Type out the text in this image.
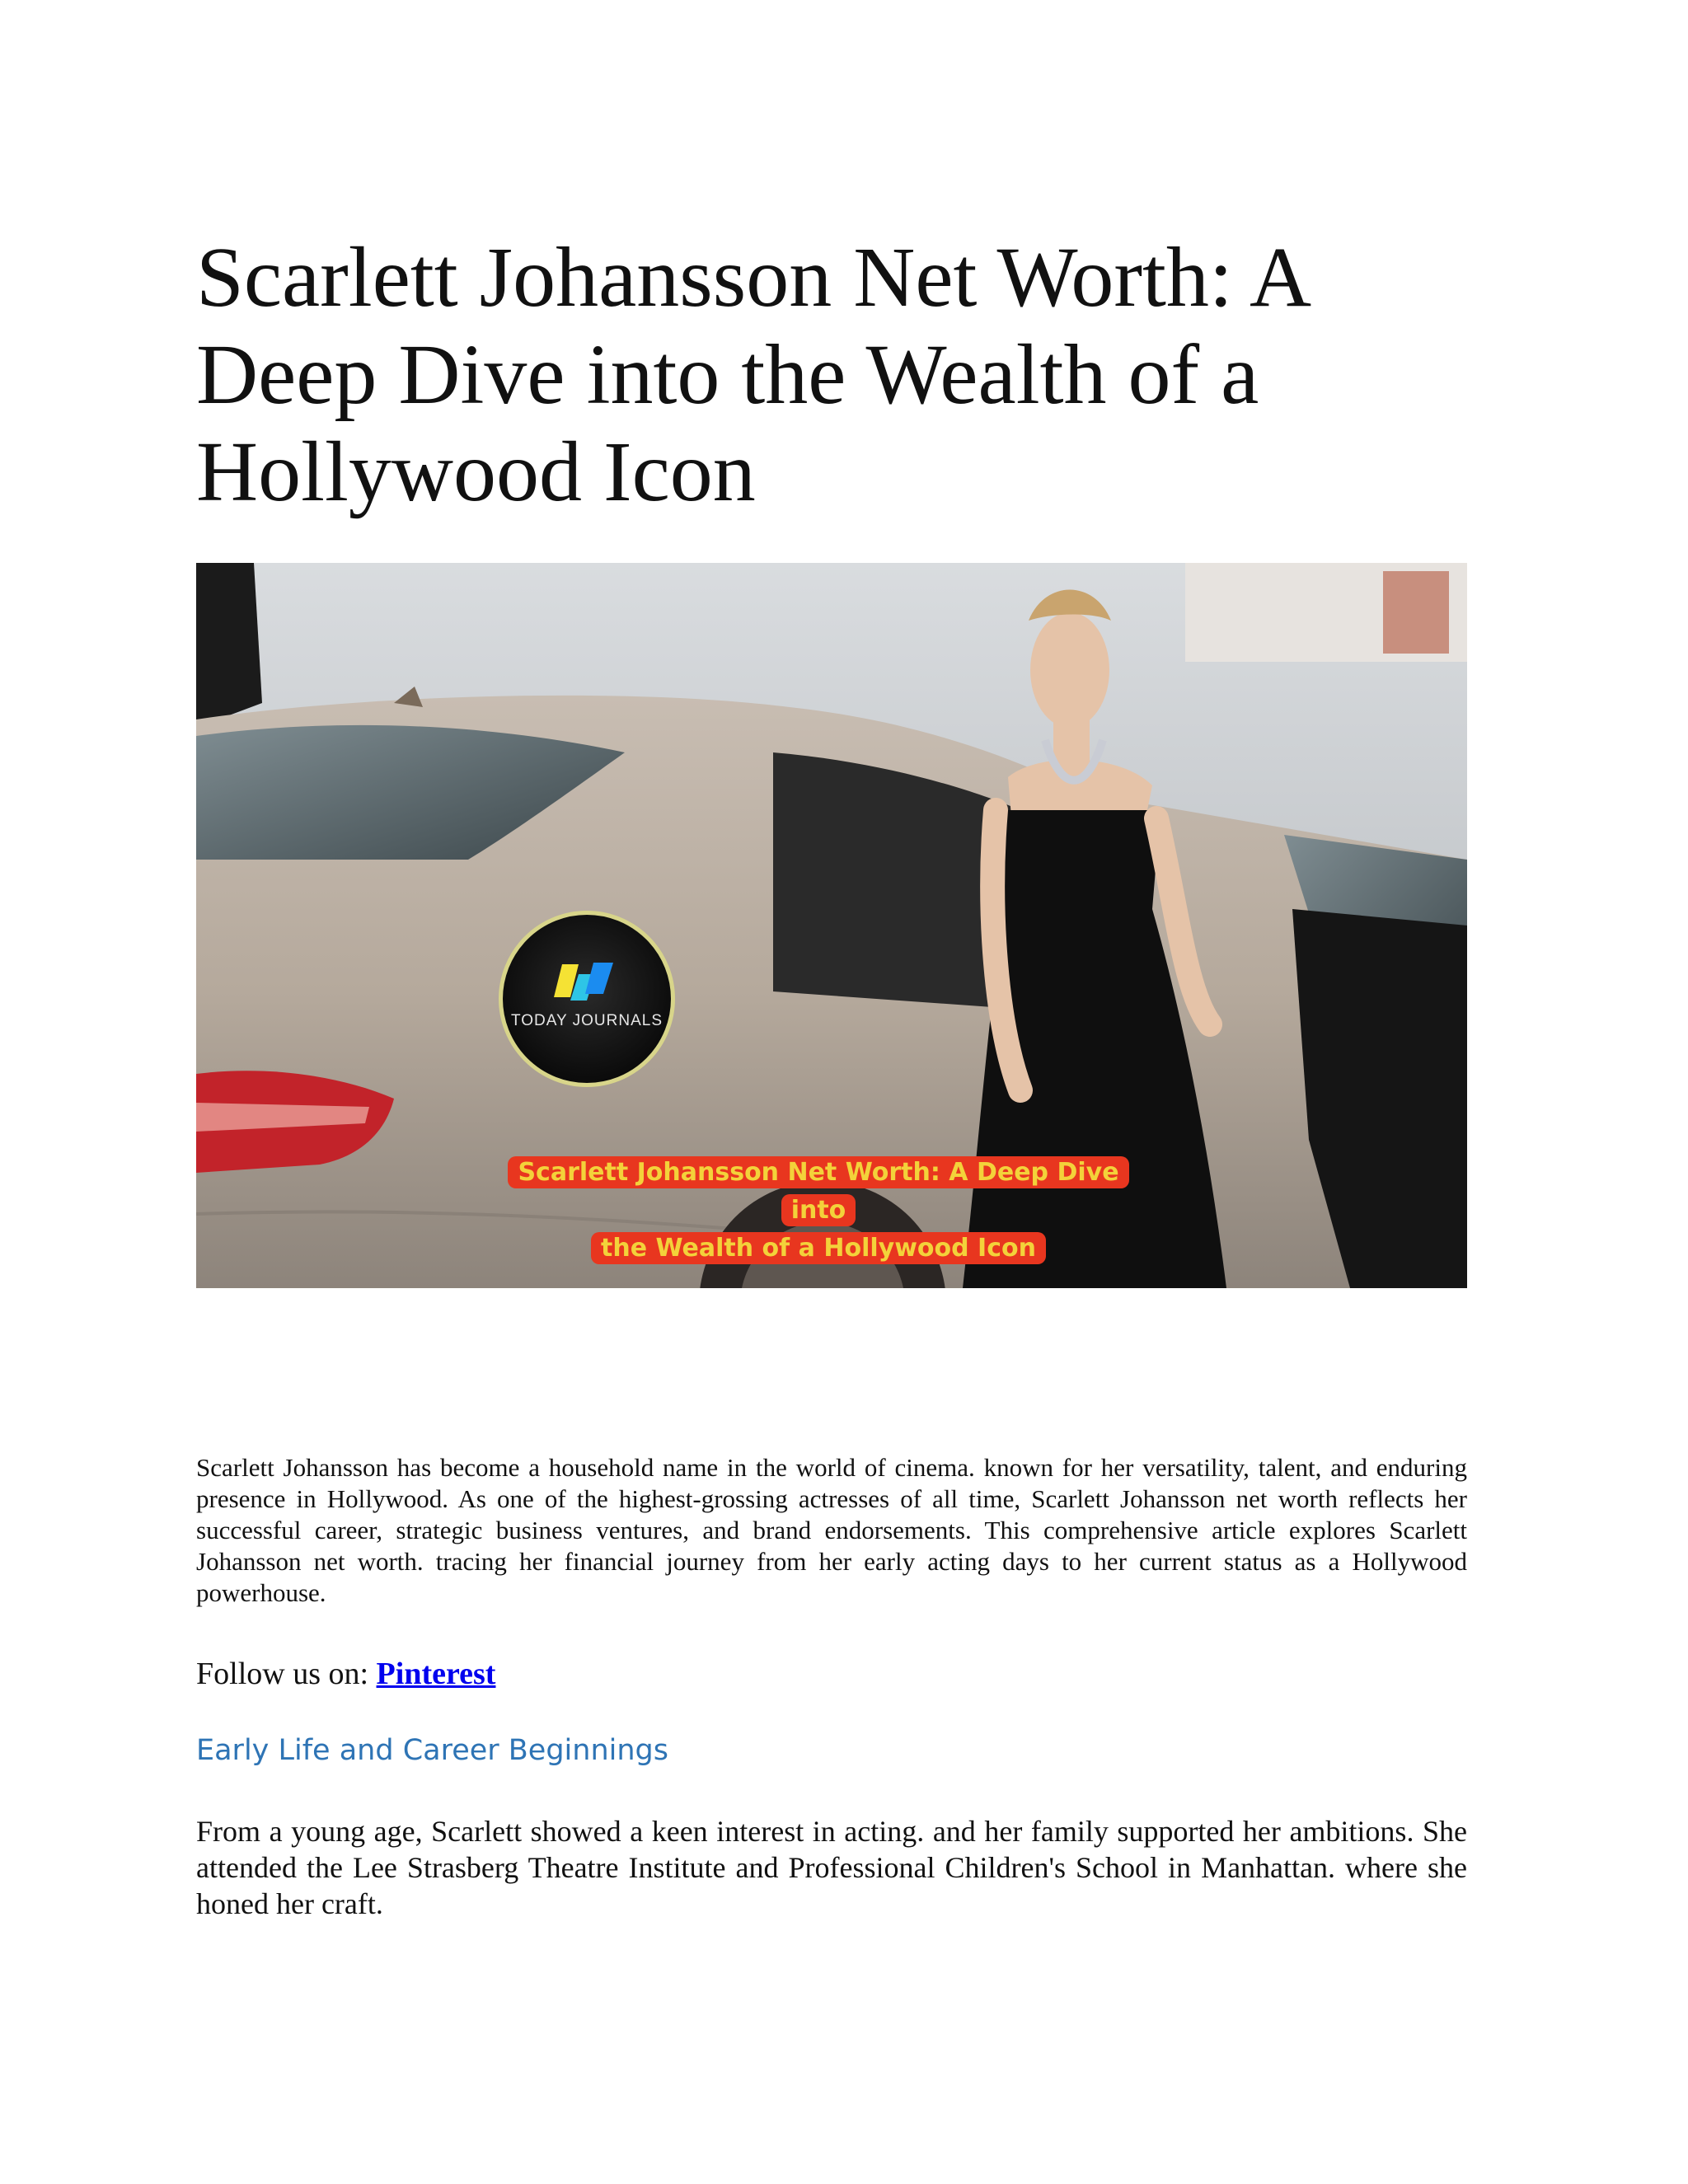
Scarlett Johansson Net Worth: A Deep Dive into the Wealth of a Hollywood Icon
TODAY JOURNALS
Scarlett Johansson Net Worth: A Deep Dive into
the Wealth of a Hollywood Icon

Scarlett Johansson has become a household name in the world of cinema. known for her versatility, talent, and enduring presence in Hollywood. As one of the highest-grossing actresses of all time, Scarlett Johansson net worth reflects her successful career, strategic business ventures, and brand endorsements. This comprehensive article explores Scarlett Johansson net worth. tracing her financial journey from her early acting days to her current status as a Hollywood powerhouse.

Follow us on: Pinterest

Early Life and Career Beginnings

From a young age, Scarlett showed a keen interest in acting. and her family supported her ambitions. She attended the Lee Strasberg Theatre Institute and Professional Children's School in Manhattan. where she honed her craft.
